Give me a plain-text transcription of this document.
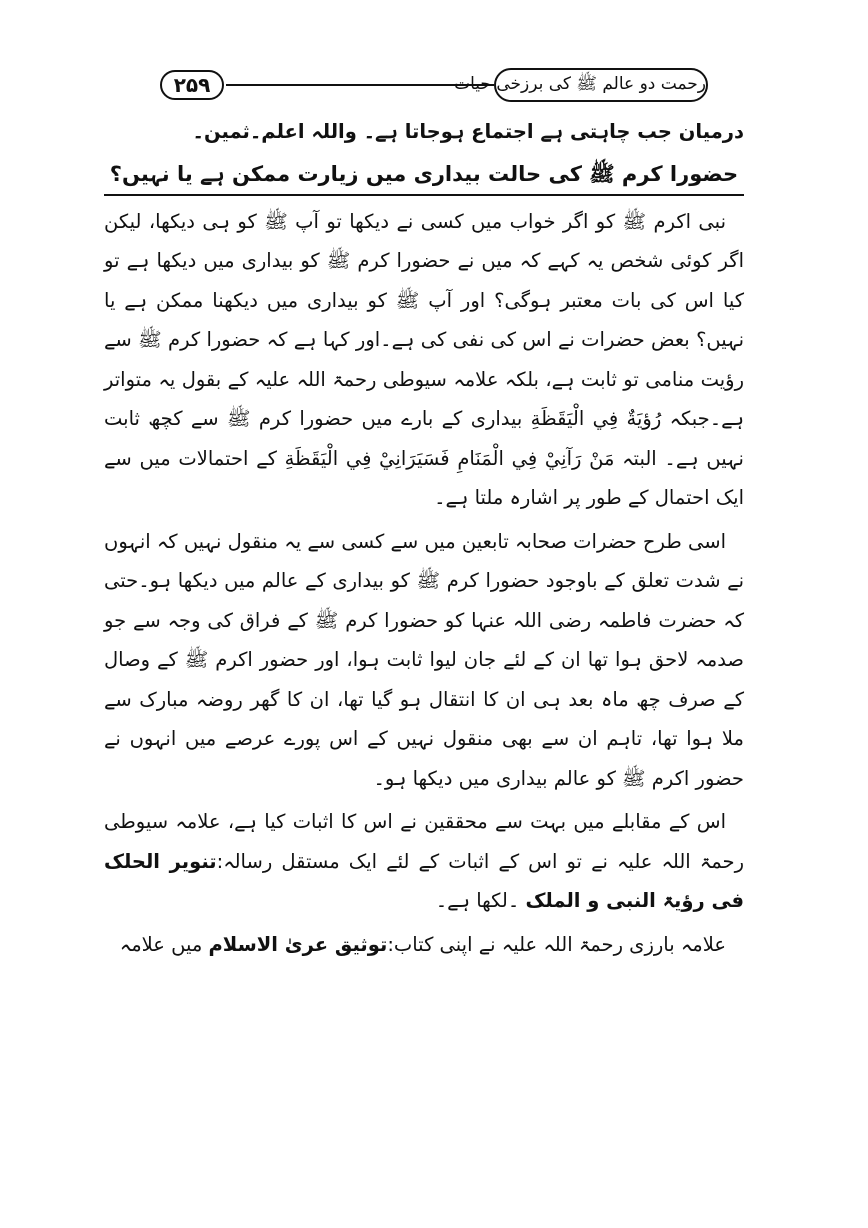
۲۵۹	رحمت دو عالم ﷺ کی برزخی حیات

درمیان جب چاہتی ہے اجتماع ہوجاتا ہے۔ واللہ اعلم۔ثمین۔

حضورا کرم ﷺ کی حالت بیداری میں زیارت ممکن ہے یا نہیں؟

نبی اکرم ﷺ کو اگر خواب میں کسی نے دیکھا تو آپ ﷺ کو ہی دیکھا، لیکن اگر کوئی شخص یہ کہے کہ میں نے حضورا کرم ﷺ کو بیداری میں دیکھا ہے تو کیا اس کی بات معتبر ہوگی؟ اور آپ ﷺ کو بیداری میں دیکھنا ممکن ہے یا نہیں؟ بعض حضرات نے اس کی نفی کی ہے۔اور کہا ہے کہ حضورا کرم ﷺ سے رؤیت منامی تو ثابت ہے، بلکہ علامہ سیوطی رحمۃ اللہ علیہ کے بقول یہ متواتر ہے۔جبکہ رُؤيَةٌ فِي الْيَقَظَةِ بیداری کے بارے میں حضورا کرم ﷺ سے کچھ ثابت نہیں ہے۔ البتہ مَنْ رَآنِيْ فِي الْمَنَامِ فَسَيَرَانِيْ فِي الْيَقَظَةِ کے احتمالات میں سے ایک احتمال کے طور پر اشارہ ملتا ہے۔

اسی طرح حضرات صحابہ تابعین میں سے کسی سے یہ منقول نہیں کہ انہوں نے شدت تعلق کے باوجود حضورا کرم ﷺ کو بیداری کے عالم میں دیکھا ہو۔حتی کہ حضرت فاطمہ رضی اللہ عنہا کو حضورا کرم ﷺ کے فراق کی وجہ سے جو صدمہ لاحق ہوا تھا ان کے لئے جان لیوا ثابت ہوا، اور حضور اکرم ﷺ کے وصال کے صرف چھ ماہ بعد ہی ان کا انتقال ہو گیا تھا، ان کا گھر روضہ مبارک سے ملا ہوا تھا، تاہم ان سے بھی منقول نہیں کے اس پورے عرصے میں انہوں نے حضور اکرم ﷺ کو عالم بیداری میں دیکھا ہو۔

اس کے مقابلے میں بہت سے محققین نے اس کا اثبات کیا ہے، علامہ سیوطی رحمۃ اللہ علیہ نے تو اس کے اثبات کے لئے ایک مستقل رسالہ:تنویر الحلک فی رؤیۃ النبی و الملک ۔لکھا ہے۔

علامہ بارزی رحمۃ اللہ علیہ نے اپنی کتاب:توثیق عریٰ الاسلام میں علامہ
